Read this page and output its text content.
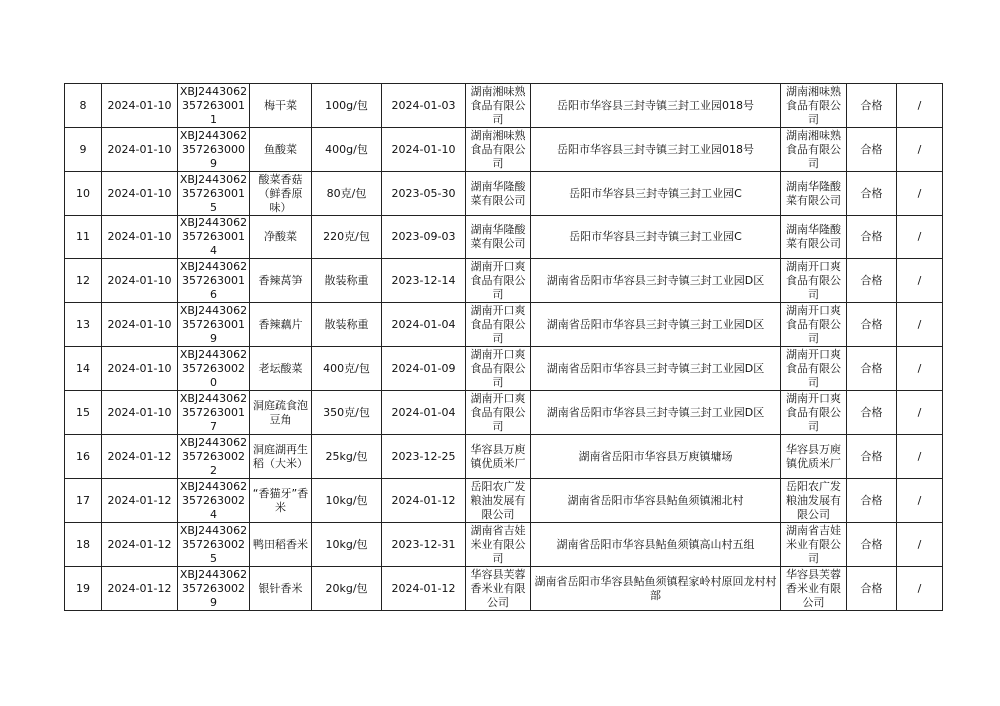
8	2024-01-10	XBJ24430623572630011	梅干菜	100g/包	2024-01-03	湖南湘味熟食品有限公司	岳阳市华容县三封寺镇三封工业园018号	湖南湘味熟食品有限公司	合格	/
9	2024-01-10	XBJ24430623572630009	鱼酸菜	400g/包	2024-01-10	湖南湘味熟食品有限公司	岳阳市华容县三封寺镇三封工业园018号	湖南湘味熟食品有限公司	合格	/
10	2024-01-10	XBJ24430623572630015	酸菜香菇（鲜香原味）	80克/包	2023-05-30	湖南华隆酸菜有限公司	岳阳市华容县三封寺镇三封工业园C	湖南华隆酸菜有限公司	合格	/
11	2024-01-10	XBJ24430623572630014	净酸菜	220克/包	2023-09-03	湖南华隆酸菜有限公司	岳阳市华容县三封寺镇三封工业园C	湖南华隆酸菜有限公司	合格	/
12	2024-01-10	XBJ24430623572630016	香辣莴笋	散装称重	2023-12-14	湖南开口爽食品有限公司	湖南省岳阳市华容县三封寺镇三封工业园D区	湖南开口爽食品有限公司	合格	/
13	2024-01-10	XBJ24430623572630019	香辣藕片	散装称重	2024-01-04	湖南开口爽食品有限公司	湖南省岳阳市华容县三封寺镇三封工业园D区	湖南开口爽食品有限公司	合格	/
14	2024-01-10	XBJ24430623572630020	老坛酸菜	400克/包	2024-01-09	湖南开口爽食品有限公司	湖南省岳阳市华容县三封寺镇三封工业园D区	湖南开口爽食品有限公司	合格	/
15	2024-01-10	XBJ24430623572630017	洞庭疏食泡豆角	350克/包	2024-01-04	湖南开口爽食品有限公司	湖南省岳阳市华容县三封寺镇三封工业园D区	湖南开口爽食品有限公司	合格	/
16	2024-01-12	XBJ24430623572630022	洞庭湖再生稻（大米）	25kg/包	2023-12-25	华容县万庾镇优质米厂	湖南省岳阳市华容县万庾镇墉场	华容县万庾镇优质米厂	合格	/
17	2024-01-12	XBJ24430623572630024	“香猫牙”香米	10kg/包	2024-01-12	岳阳农广发粮油发展有限公司	湖南省岳阳市华容县鲇鱼须镇湘北村	岳阳农广发粮油发展有限公司	合格	/
18	2024-01-12	XBJ24430623572630025	鸭田稻香米	10kg/包	2023-12-31	湖南省吉娃米业有限公司	湖南省岳阳市华容县鲇鱼须镇高山村五组	湖南省吉娃米业有限公司	合格	/
19	2024-01-12	XBJ24430623572630029	银针香米	20kg/包	2024-01-12	华容县芙蓉香米业有限公司	湖南省岳阳市华容县鲇鱼须镇程家岭村原回龙村村部	华容县芙蓉香米业有限公司	合格	/
